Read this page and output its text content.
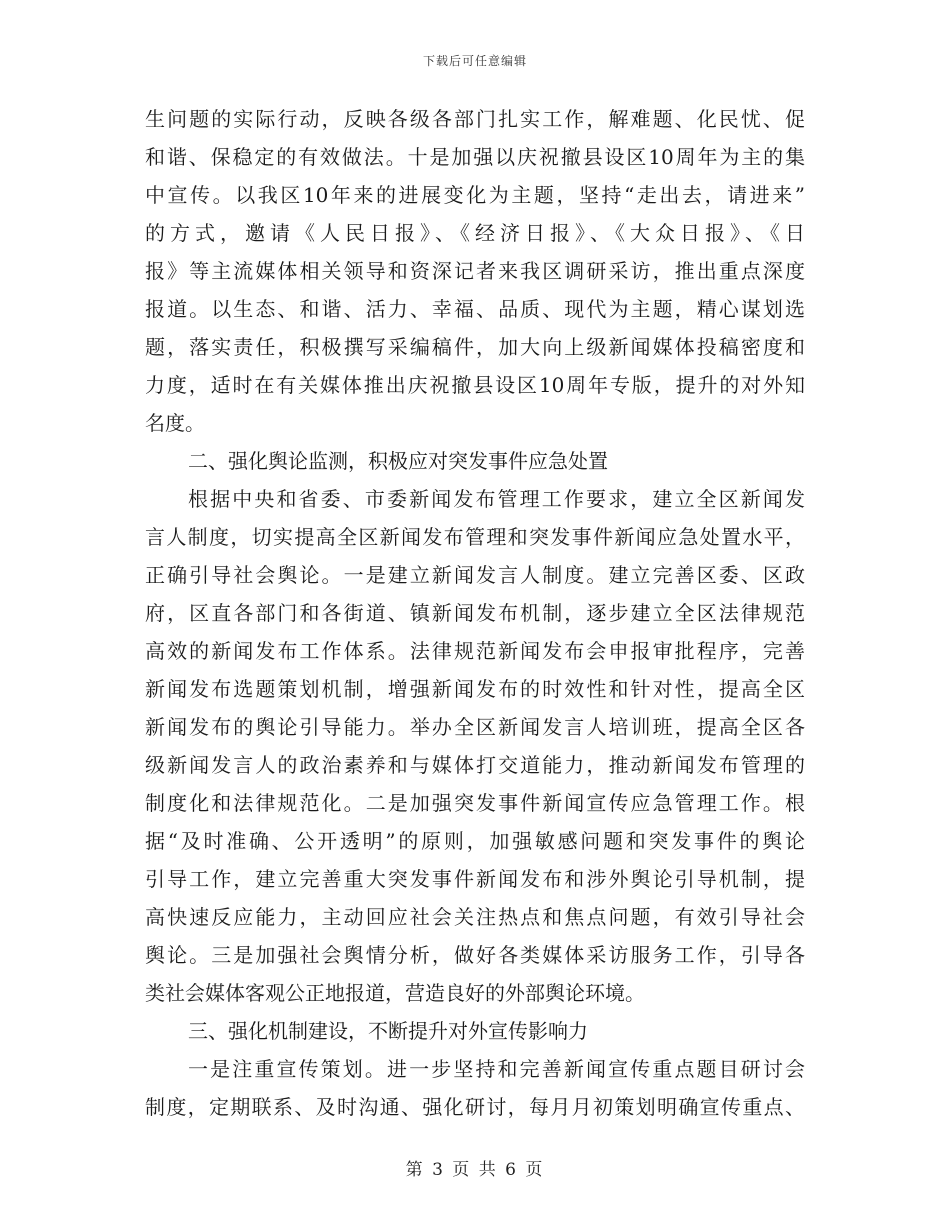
下载后可任意编辑
生问题的实际行动，反映各级各部门扎实工作，解难题、化民忧、促
和谐、保稳定的有效做法。十是加强以庆祝撤县设区10周年为主的集
中宣传。以我区10年来的进展变化为主题，坚持“走出去，请进来”
的方式，邀请《人民日报》、《经济日报》、《大众日报》、《日
报》等主流媒体相关领导和资深记者来我区调研采访，推出重点深度
报道。以生态、和谐、活力、幸福、品质、现代为主题，精心谋划选
题，落实责任，积极撰写采编稿件，加大向上级新闻媒体投稿密度和
力度，适时在有关媒体推出庆祝撤县设区10周年专版，提升的对外知
名度。
二、强化舆论监测，积极应对突发事件应急处置
根据中央和省委、市委新闻发布管理工作要求，建立全区新闻发
言人制度，切实提高全区新闻发布管理和突发事件新闻应急处置水平，
正确引导社会舆论。一是建立新闻发言人制度。建立完善区委、区政
府，区直各部门和各街道、镇新闻发布机制，逐步建立全区法律规范
高效的新闻发布工作体系。法律规范新闻发布会申报审批程序，完善
新闻发布选题策划机制，增强新闻发布的时效性和针对性，提高全区
新闻发布的舆论引导能力。举办全区新闻发言人培训班，提高全区各
级新闻发言人的政治素养和与媒体打交道能力，推动新闻发布管理的
制度化和法律规范化。二是加强突发事件新闻宣传应急管理工作。根
据“及时准确、公开透明”的原则，加强敏感问题和突发事件的舆论
引导工作，建立完善重大突发事件新闻发布和涉外舆论引导机制，提
高快速反应能力，主动回应社会关注热点和焦点问题，有效引导社会
舆论。三是加强社会舆情分析，做好各类媒体采访服务工作，引导各
类社会媒体客观公正地报道，营造良好的外部舆论环境。
三、强化机制建设，不断提升对外宣传影响力
一是注重宣传策划。进一步坚持和完善新闻宣传重点题目研讨会
制度，定期联系、及时沟通、强化研讨，每月月初策划明确宣传重点、
第 3 页 共 6 页
